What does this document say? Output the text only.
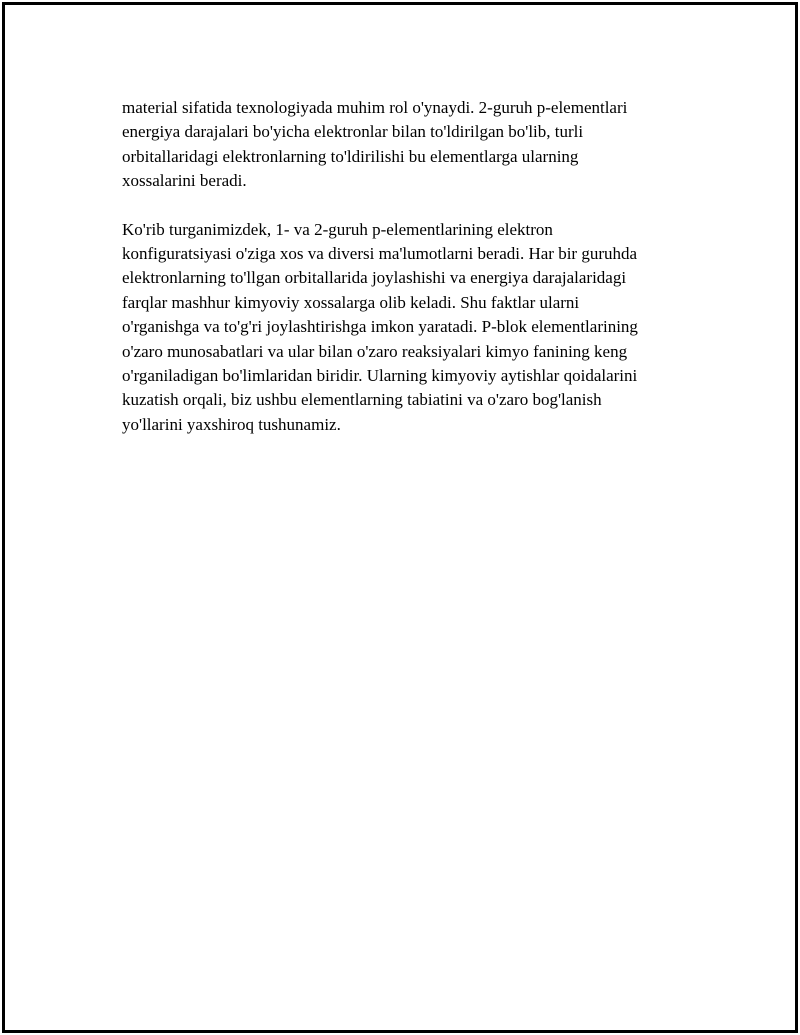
material sifatida texnologiyada muhim rol o'ynaydi. 2-guruh p-elementlari
energiya darajalari bo'yicha elektronlar bilan to'ldirilgan bo'lib, turli
orbitallaridagi elektronlarning to'ldirilishi bu elementlarga ularning
xossalarini beradi.

Ko'rib turganimizdek, 1- va 2-guruh p-elementlarining elektron
konfiguratsiyasi o'ziga xos va diversi ma'lumotlarni beradi. Har bir guruhda
elektronlarning to'llgan orbitallarida joylashishi va energiya darajalaridagi
farqlar mashhur kimyoviy xossalarga olib keladi. Shu faktlar ularni
o'rganishga va to'g'ri joylashtirishga imkon yaratadi. P-blok elementlarining
o'zaro munosabatlari va ular bilan o'zaro reaksiyalari kimyo fanining keng
o'rganiladigan bo'limlaridan biridir. Ularning kimyoviy aytishlar qoidalarini
kuzatish orqali, biz ushbu elementlarning tabiatini va o'zaro bog'lanish
yo'llarini yaxshiroq tushunamiz.
